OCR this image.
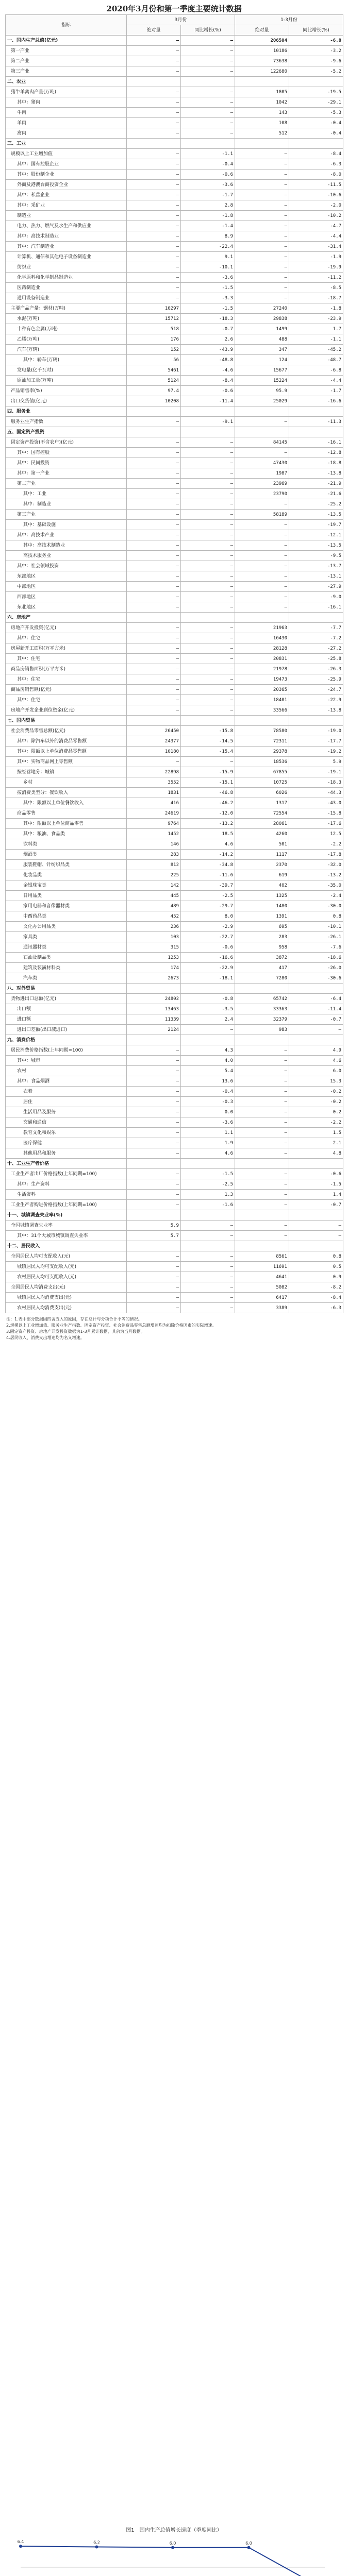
2020年3月份和第一季度主要统计数据
指标	3月份		1-3月份	
	绝对量	同比增长(%)	绝对量	同比增长(%)
一、国内生产总值(亿元)	—	—	206504	-6.8
第一产业	—	—	10186	-3.2
第二产业	—	—	73638	-9.6
第三产业	—	—	122680	-5.2
二、农业				
猪牛羊禽肉产量(万吨)	—	—	1805	-19.5
其中：猪肉	—	—	1042	-29.1
牛肉	—	—	143	-5.3
羊肉	—	—	108	-0.4
禽肉	—	—	512	-0.4
三、工业				
规模以上工业增加值	—	-1.1	—	-8.4
其中：国有控股企业	—	-0.4	—	-6.3
其中：股份制企业	—	-0.6	—	-8.0
外商及港澳台商投资企业	—	-3.6	—	-11.5
其中：私营企业	—	-1.7	—	-10.6
其中：采矿业	—	2.8	—	-2.0
制造业	—	-1.8	—	-10.2
电力、热力、燃气及水生产和供应业	—	-1.4	—	-4.7
其中：高技术制造业	—	8.9	—	-4.4
其中：汽车制造业	—	-22.4	—	-31.4
计算机、通信和其他电子设备制造业	—	9.1	—	-1.9
纺织业	—	-10.1	—	-19.9
化学原料和化学制品制造业	—	-3.6	—	-11.2
医药制造业	—	-1.5	—	-8.5
通用设备制造业	—	-3.3	—	-18.7
主要产品产量：钢材(万吨)	10297	-1.5	27240	-1.8
水泥(万吨)	15712	-18.3	29838	-23.9
十种有色金属(万吨)	518	-0.7	1499	1.7
乙烯(万吨)	176	2.6	488	-1.1
汽车(万辆)	152	-43.9	347	-45.2
其中：轿车(万辆)	56	-48.8	124	-48.7
发电量(亿千瓦时)	5461	-4.6	15677	-6.8
原油加工量(万吨)	5124	-8.4	15224	-4.4
产品销售率(%)	97.4	-0.6	95.9	-1.7
出口交货值(亿元)	10208	-11.4	25029	-16.6
四、服务业				
服务业生产指数	—	-9.1	—	-11.3
五、固定资产投资				
固定资产投资(不含农户)(亿元)	—	—	84145	-16.1
其中：国有控股	—	—	—	-12.8
其中：民间投资	—	—	47430	-18.8
其中：第一产业	—	—	1987	-13.8
第二产业	—	—	23969	-21.9
其中：工业	—	—	23790	-21.6
其中：制造业	—	—	—	-25.2
第三产业	—	—	58189	-13.5
其中：基础设施	—	—	—	-19.7
其中：高技术产业	—	—	—	-12.1
其中：高技术制造业	—	—	—	-13.5
高技术服务业	—	—	—	-9.5
其中：社会领域投资	—	—	—	-13.7
东部地区	—	—	—	-13.1
中部地区	—	—	—	-27.9
西部地区	—	—	—	-9.0
东北地区	—	—	—	-16.1
六、房地产				
房地产开发投资(亿元)	—	—	21963	-7.7
其中：住宅	—	—	16430	-7.2
房屋新开工面积(万平方米)	—	—	28128	-27.2
其中：住宅	—	—	20831	-25.8
商品房销售面积(万平方米)	—	—	21978	-26.3
其中：住宅	—	—	19473	-25.9
商品房销售额(亿元)	—	—	20365	-24.7
其中：住宅	—	—	18401	-22.9
房地产开发企业到位资金(亿元)	—	—	33566	-13.8
七、国内贸易				
社会消费品零售总额(亿元)	26450	-15.8	78580	-19.0
其中：除汽车以外的消费品零售额	24377	-14.5	72311	-17.7
其中：限额以上单位消费品零售额	10180	-15.4	29378	-19.2
其中：实物商品网上零售额	—	—	18536	5.9
按经营地分：城镇	22898	-15.9	67855	-19.1
乡村	3552	-15.1	10725	-18.3
按消费类型分：餐饮收入	1831	-46.8	6026	-44.3
其中：限额以上单位餐饮收入	416	-46.2	1317	-43.0
商品零售	24619	-12.0	72554	-15.8
其中：限额以上单位商品零售	9764	-13.2	28061	-17.6
其中：粮油、食品类	1452	18.5	4260	12.5
饮料类	146	4.6	501	-2.2
烟酒类	283	-14.2	1117	-17.8
服装鞋帽、针纺织品类	812	-34.8	2370	-32.0
化妆品类	225	-11.6	619	-13.2
金银珠宝类	142	-39.7	402	-35.0
日用品类	445	-2.5	1325	-2.4
家用电器和音像器材类	489	-29.7	1480	-30.0
中西药品类	452	8.0	1391	0.8
文化办公用品类	236	-2.9	695	-10.1
家具类	103	-22.7	283	-26.1
通讯器材类	315	-0.6	958	-7.6
石油及制品类	1253	-16.6	3872	-18.6
建筑及装潢材料类	174	-22.9	417	-26.0
汽车类	2673	-18.1	7280	-30.6
八、对外贸易				
货物进出口总额(亿元)	24802	-0.8	65742	-6.4
出口额	13463	-3.5	33363	-11.4
进口额	11339	2.4	32379	-0.7
进出口差额(出口减进口)	2124	—	983	—
九、消费价格				
居民消费价格指数(上年同期=100)	—	4.3	—	4.9
其中：城市	—	4.0	—	4.6
农村	—	5.4	—	6.0
其中：食品烟酒	—	13.6	—	15.3
衣着	—	-0.4	—	-0.2
居住	—	-0.3	—	-0.2
生活用品及服务	—	0.0	—	0.2
交通和通信	—	-3.6	—	-2.2
教育文化和娱乐	—	1.1	—	1.5
医疗保健	—	1.9	—	2.1
其他用品和服务	—	4.6	—	4.8
十、工业生产者价格				
工业生产者出厂价格指数(上年同期=100)	—	-1.5	—	-0.6
其中：生产资料	—	-2.5	—	-1.5
生活资料	—	1.3	—	1.4
工业生产者购进价格指数(上年同期=100)	—	-1.6	—	-0.7
十一、城镇调查失业率(%)				
全国城镇调查失业率	5.9	—	—	—
其中：31个大城市城镇调查失业率	5.7	—	—	—
十二、居民收入				
全国居民人均可支配收入(元)	—	—	8561	0.8
城镇居民人均可支配收入(元)	—	—	11691	0.5
农村居民人均可支配收入(元)	—	—	4641	0.9
全国居民人均消费支出(元)	—	—	5082	-8.2
城镇居民人均消费支出(元)	—	—	6417	-8.4
农村居民人均消费支出(元)	—	—	3389	-6.3
注：1.表中部分数据因四舍五入的原因，存在总计与分项合计不等的情况。
2.规模以上工业增加值、服务业生产指数、固定资产投资、社会消费品零售总额增速均为扣除价格因素的实际增速。
3.固定资产投资、房地产开发投资数据为1-3月累计数据，其余为当月数据。
4.居民收入、消费支出增速均为名义增速。
图1　国内生产总值增长速度（季度同比）
6.4	6.2	6.0	6.0
